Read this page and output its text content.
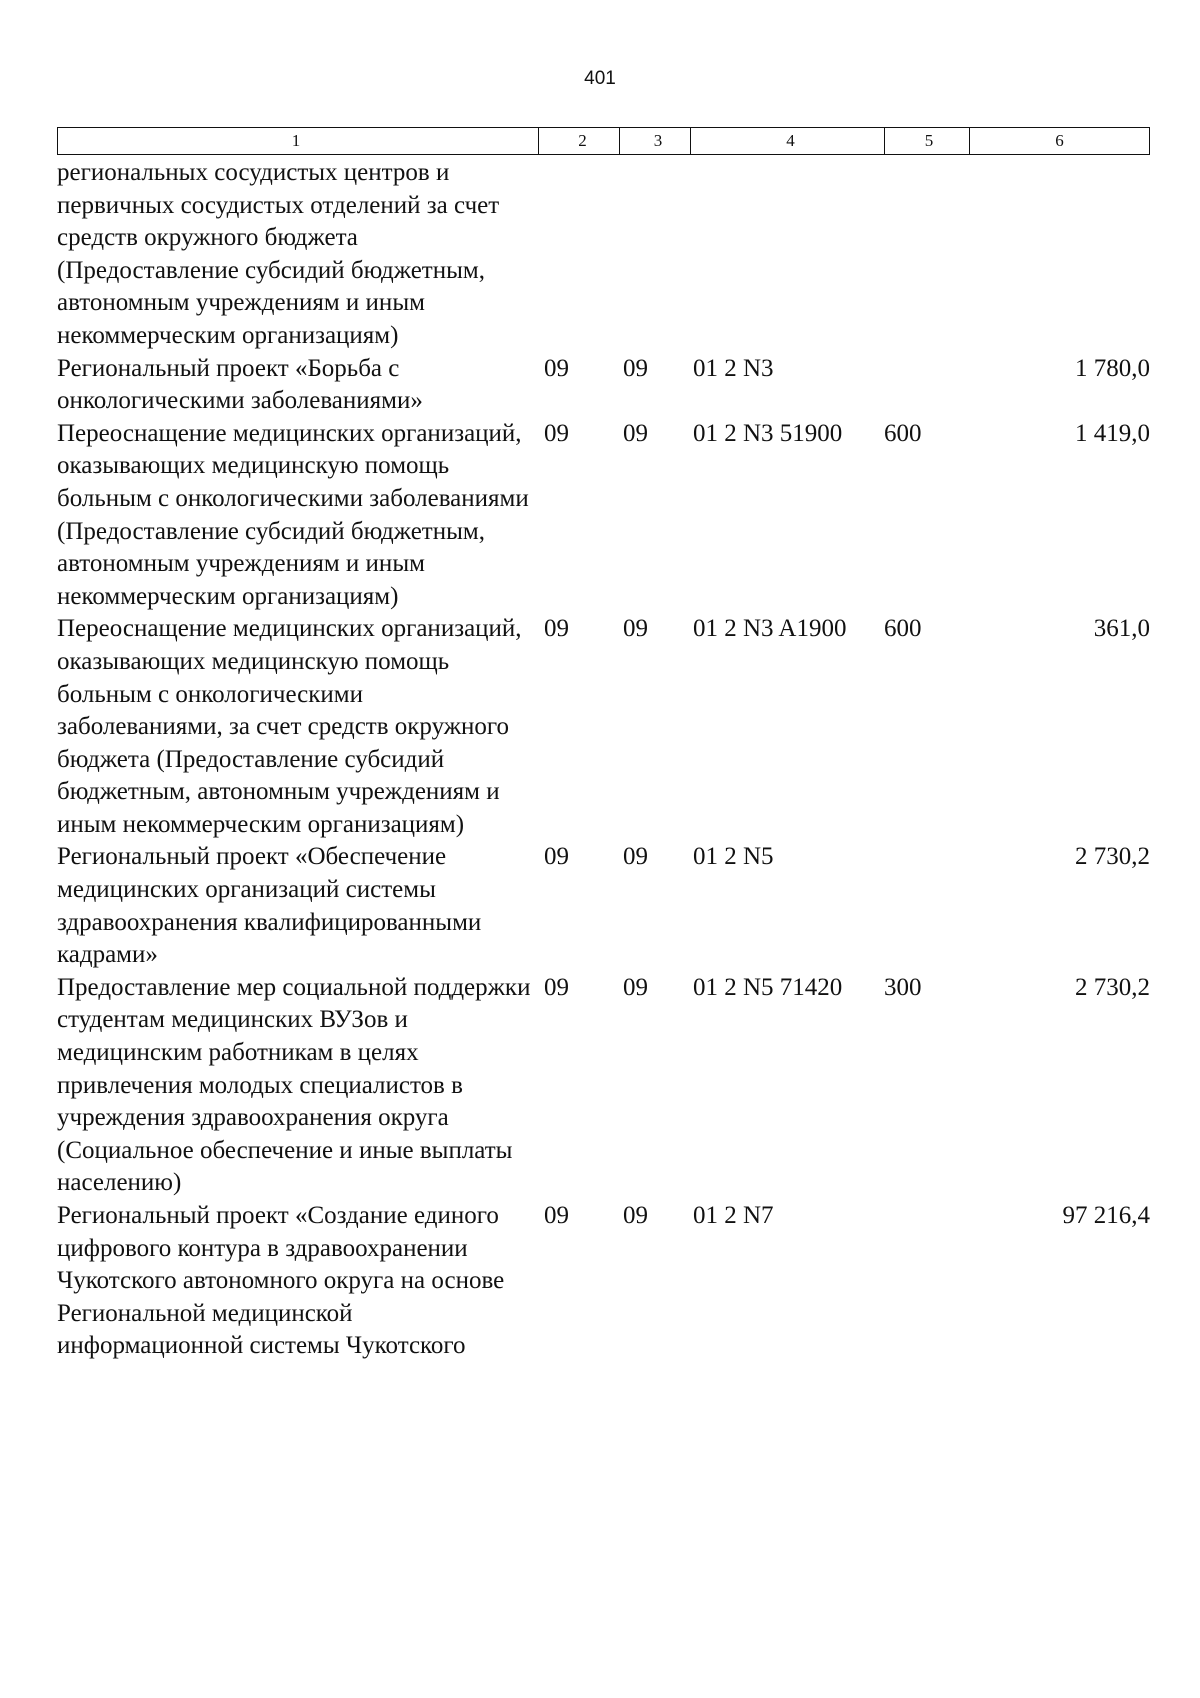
401
1	2	3	4	5	6
региональных сосудистых центров и первичных сосудистых отделений за счет средств окружного бюджета (Предоставление субсидий бюджетным, автономным учреждениям и иным некоммерческим организациям)					
Региональный проект «Борьба с онкологическими заболеваниями»	09	09	01 2 N3		1 780,0
Переоснащение медицинских организаций, оказывающих медицинскую помощь больным с онкологическими заболеваниями (Предоставление субсидий бюджетным, автономным учреждениям и иным некоммерческим организациям)	09	09	01 2 N3 51900	600	1 419,0
Переоснащение медицинских организаций, оказывающих медицинскую помощь больным с онкологическими заболеваниями, за счет средств окружного бюджета (Предоставление субсидий бюджетным, автономным учреждениям и иным некоммерческим организациям)	09	09	01 2 N3 A1900	600	361,0
Региональный проект «Обеспечение медицинских организаций системы здравоохранения квалифицированными кадрами»	09	09	01 2 N5		2 730,2
Предоставление мер социальной поддержки студентам медицинских ВУЗов и медицинским работникам в целях привлечения молодых специалистов в учреждения здравоохранения округа (Социальное обеспечение и иные выплаты населению)	09	09	01 2 N5 71420	300	2 730,2
Региональный проект «Создание единого цифрового контура в здравоохранении Чукотского автономного округа на основе Региональной медицинской информационной системы Чукотского	09	09	01 2 N7		97 216,4
